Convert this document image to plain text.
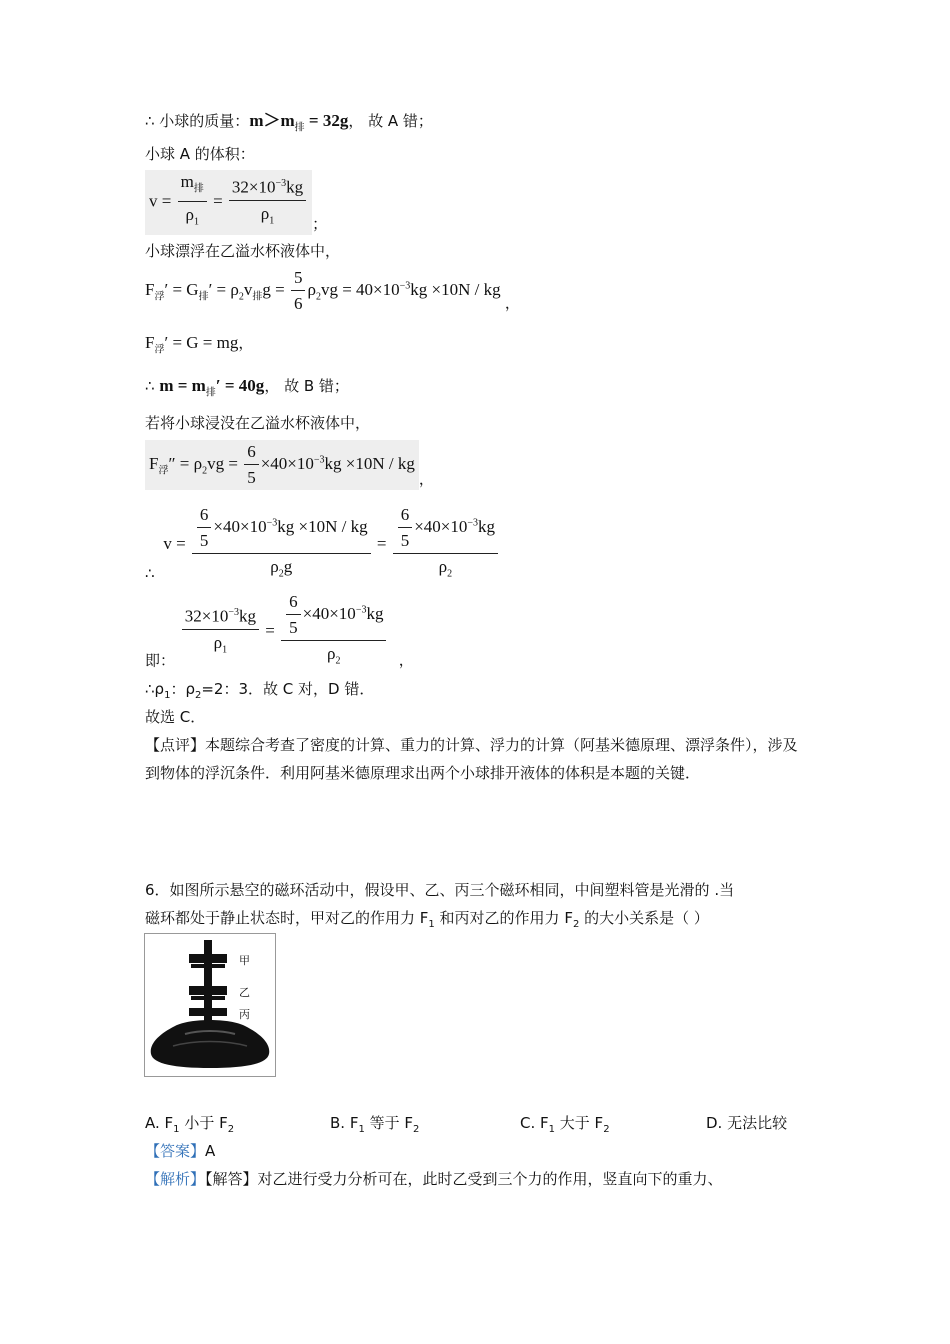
∴ 小球的质量：$m>m_排 = 32g$， 故 A 错；
小球 A 的体积：
$v = \frac{m_排}{\rho_1} = \frac{32\times 10^{-3}kg}{\rho_1}$ ；
小球漂浮在乙溢水杯液体中，
$F_浮' = G_排' = \rho_2v_排g = \frac{5}{6} \rho_2vg = 40\times 10^{-3}kg \times 10N$ / kg ，
$F_浮' = G$ = mg，
∴ $m = m_排' = 40g$， 故 B 错；
若将小球浸没在乙溢水杯液体中，
$F_浮'' = \rho_2vg = \frac{6}{5} \times 40\times 10^{-3}kg \times 10N$ / kg，
∴ $v = \frac{\frac{6}{5} \times 40\times 10^{-3}kg \times 10N / kg}{\rho_2g} = \frac{\frac{6}{5} \times 40\times 10^{-3}kg}{\rho_2}$
即：
$\frac{32\times 10^{-3}kg}{\rho_1} = \frac{\frac{6}{5} \times 40\times 10^{-3}kg}{\rho_2}$ ，
$\therefore\rho_1$：$\rho_2=2$：3．故 C 对，D 错．
故选 C．
【点评】本题综合考查了密度的计算、重力的计算、浮力的计算（阿基米德原理、漂浮条件），涉及到物体的浮沉条件．利用阿基米德原理求出两个小球排开液体的体积是本题的关键．
6．如图所示悬空的磁环活动中，假设甲、乙、丙三个磁环相同，中间塑料管是光滑的 .当
磁环都处于静止状态时，甲对乙的作用力 $F_1$ 和丙对乙的作用力 $F_2$ 的大小关系是（ ）
甲
乙
丙
A. $F_1$ 小于 $F_2$	B. $F_1$ 等于 $F_2$	C. $F_1$ 大于 $F_2$	D. 无法比较
【答案】A
【解析】【解答】对乙进行受力分析可在，此时乙受到三个力的作用，竖直向下的重力、
